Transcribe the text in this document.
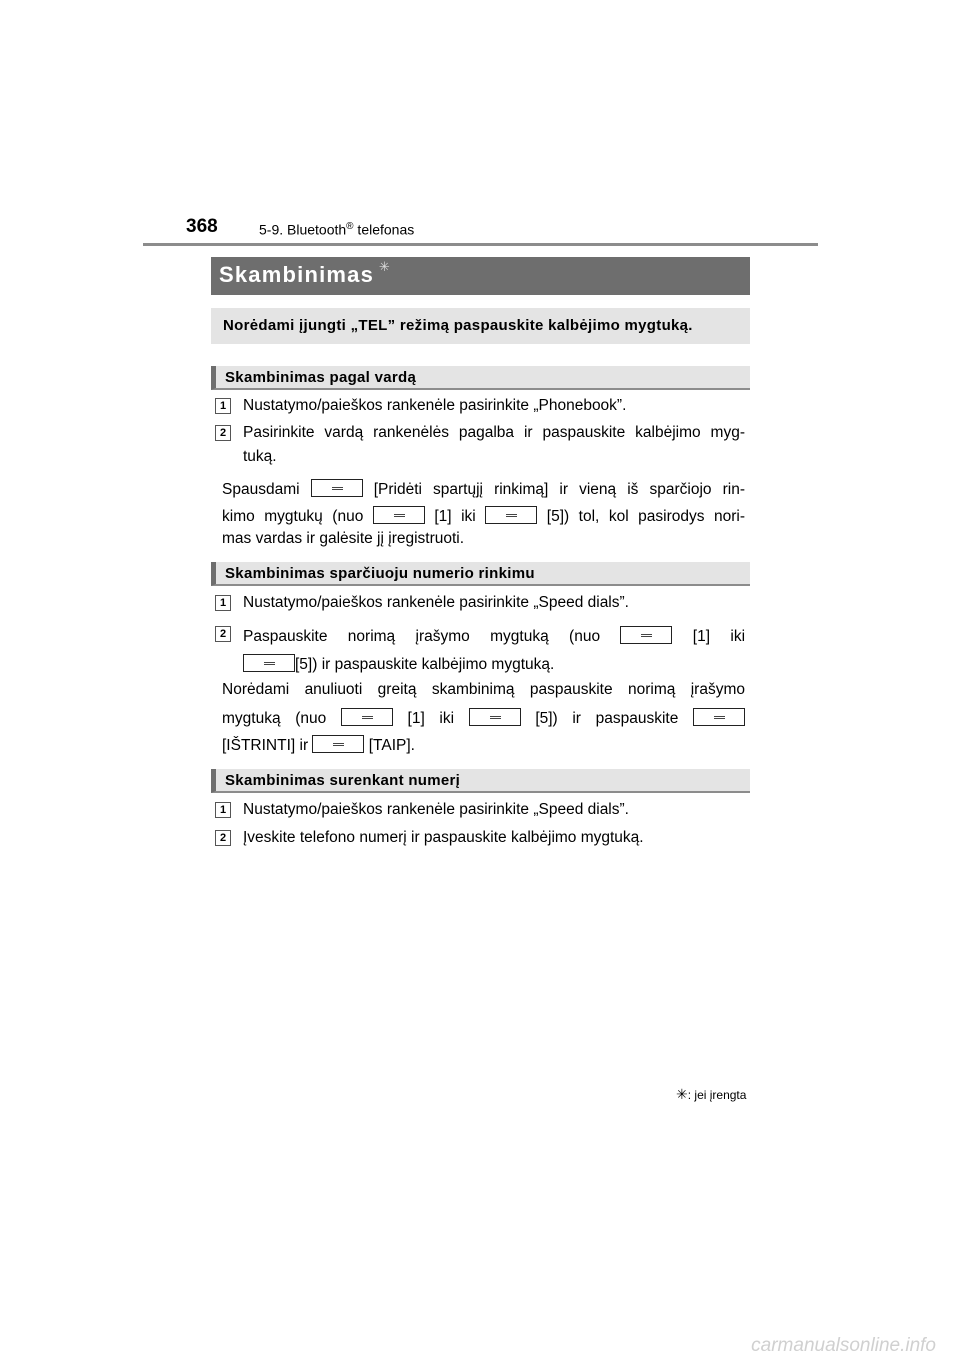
368	5-9. Bluetooth® telefonas
Skambinimas ✳
Norėdami įjungti „TEL” režimą paspauskite kalbėjimo mygtuką.
Skambinimas pagal vardą
1	Nustatymo/paieškos rankenėle pasirinkite „Phonebook”.
2	Pasirinkite vardą rankenėlės pagalba ir paspauskite kalbėjimo myg-
tuką.
Spausdami	[Pridėti spartųjį rinkimą] ir vieną iš sparčiojo rin-
kimo mygtukų (nuo	[1] iki	[5]) tol, kol pasirodys nori-
mas vardas ir galėsite jį įregistruoti.
Skambinimas sparčiuoju numerio rinkimu
1	Nustatymo/paieškos rankenėle pasirinkite „Speed dials”.
2	Paspauskite norimą įrašymo mygtuką (nuo	[1] iki
[5]) ir paspauskite kalbėjimo mygtuką.
Norėdami anuliuoti greitą skambinimą paspauskite norimą įrašymo
mygtuką (nuo	[1] iki	[5]) ir paspauskite
[IŠTRINTI] ir	[TAIP].
Skambinimas surenkant numerį
1	Nustatymo/paieškos rankenėle pasirinkite „Speed dials”.
2	Įveskite telefono numerį ir paspauskite kalbėjimo mygtuką.
✳: jei įrengta
carmanualsonline.info
